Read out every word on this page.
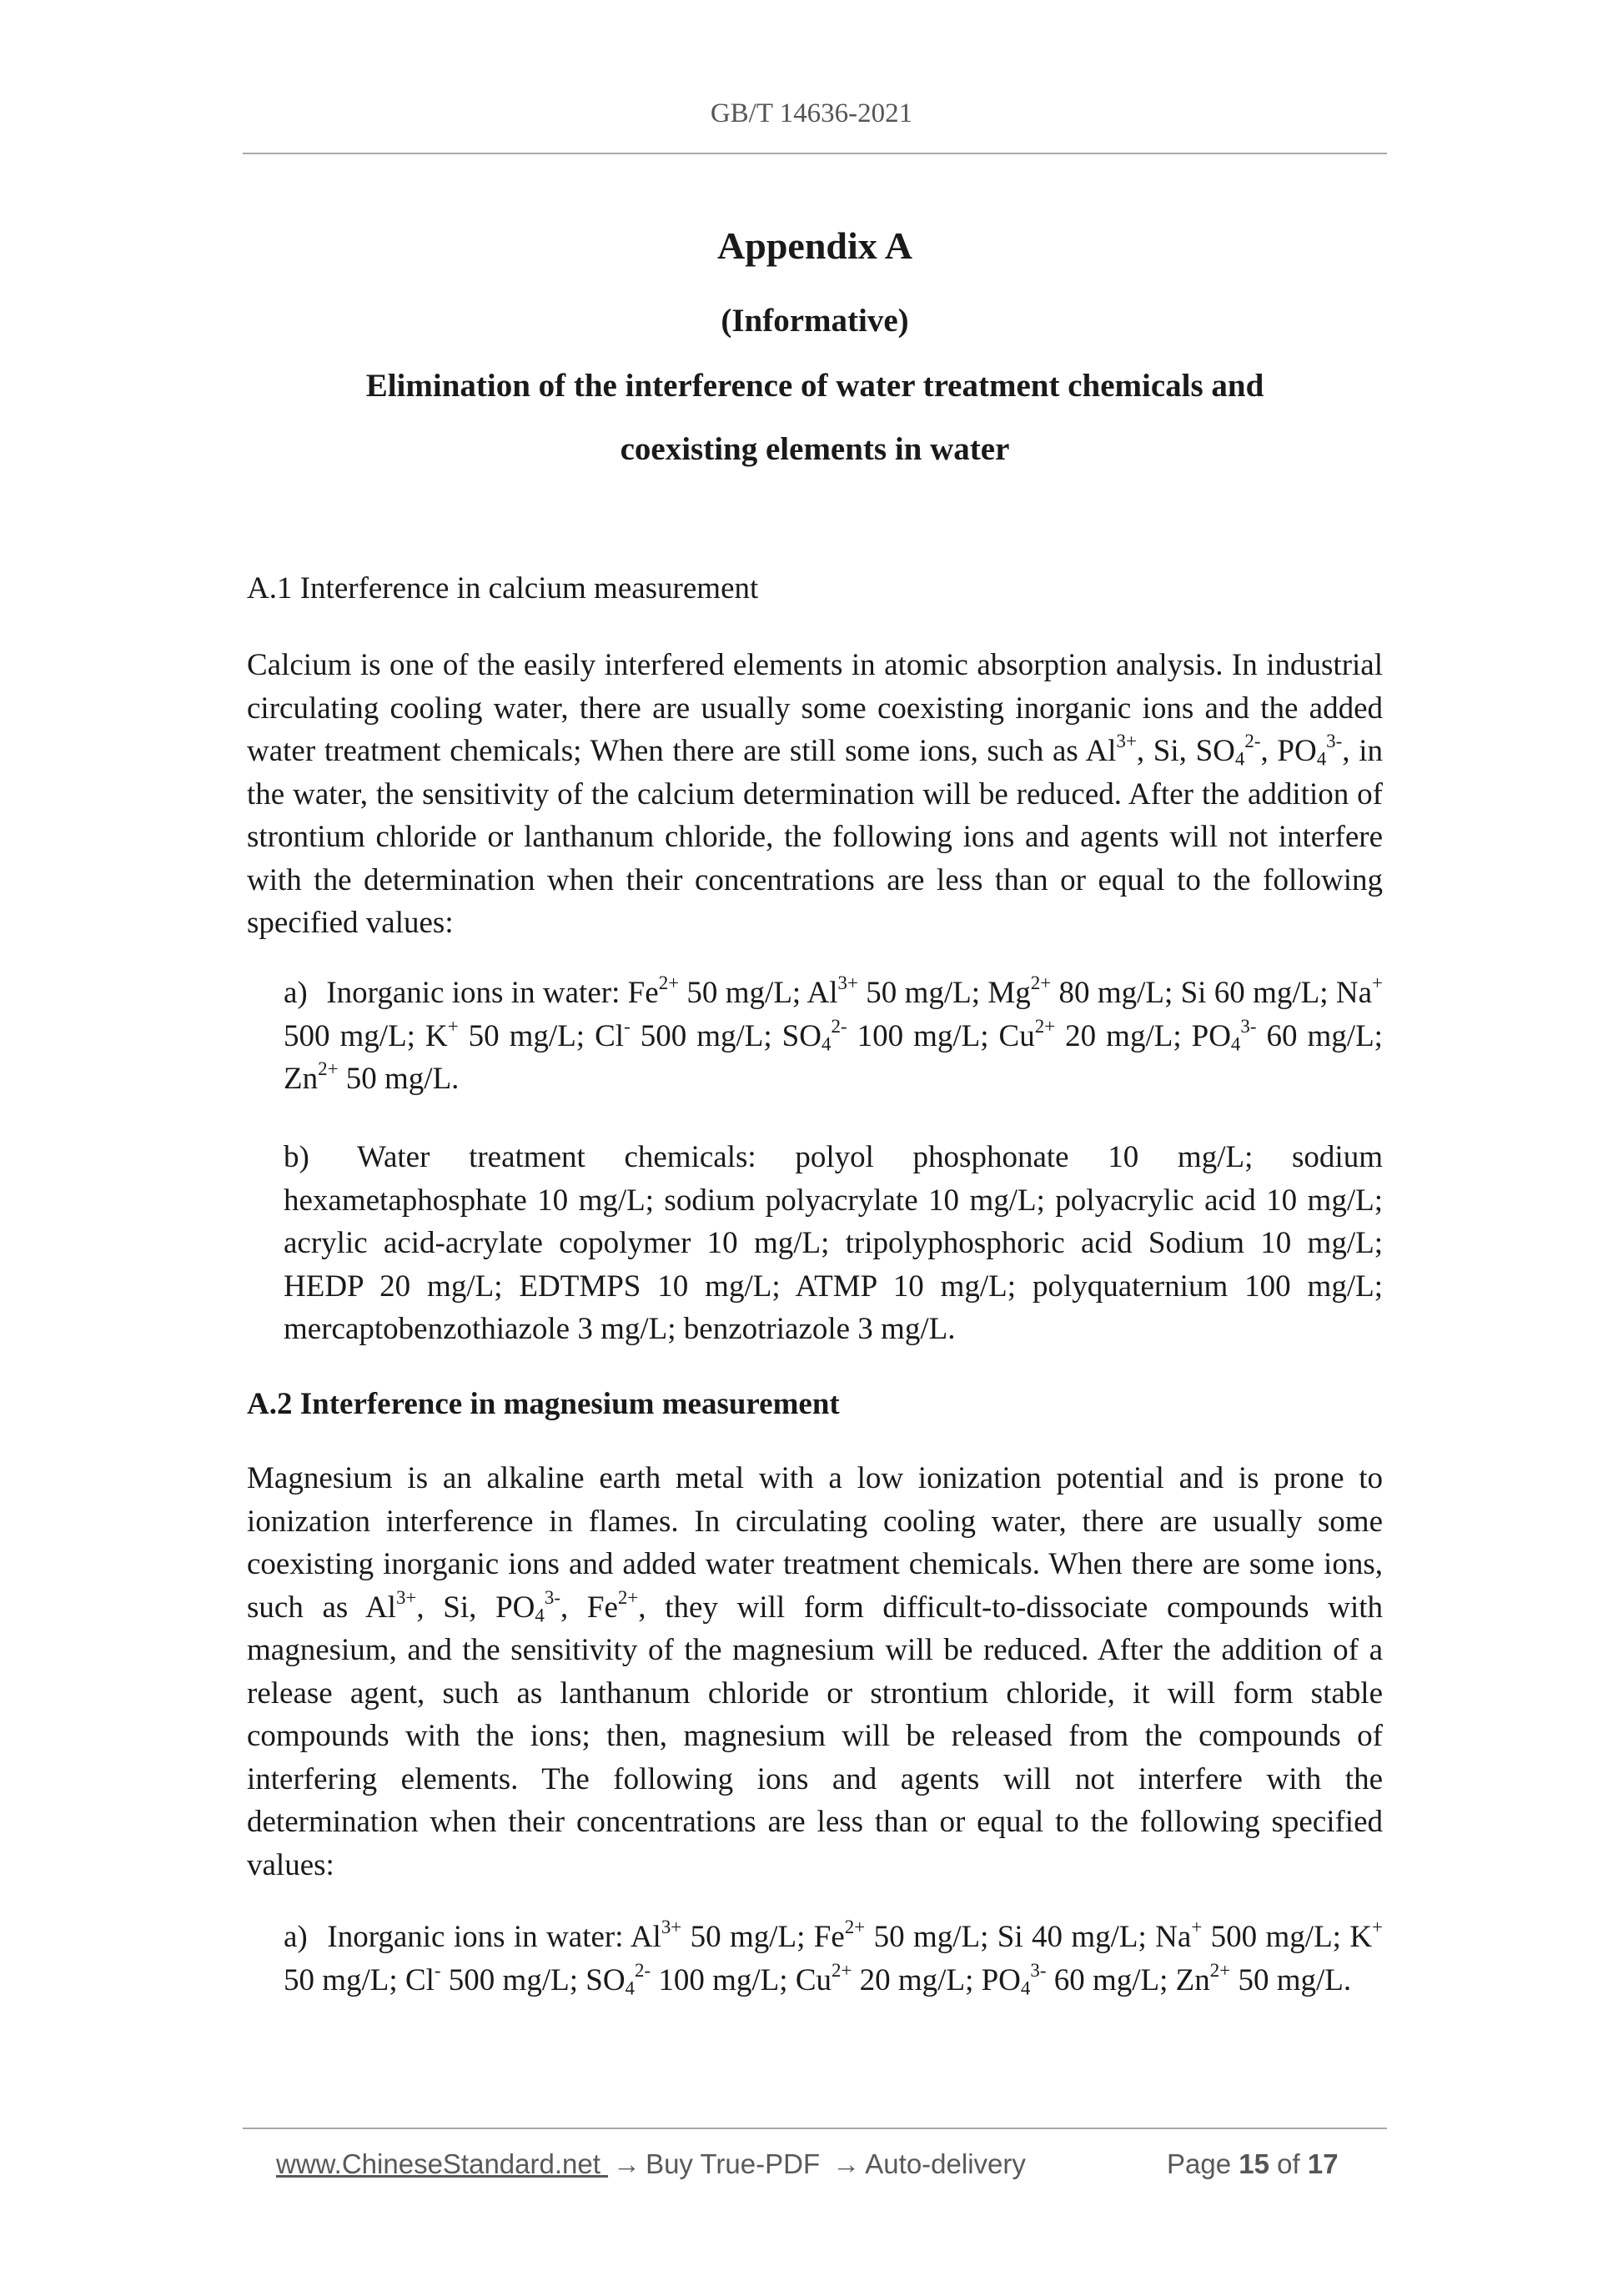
GB/T 14636-2021
Appendix A
(Informative)
Elimination of the interference of water treatment chemicals and
coexisting elements in water
A.1 Interference in calcium measurement
Calcium is one of the easily interfered elements in atomic absorption analysis. In industrial circulating cooling water, there are usually some coexisting inorganic ions and the added water treatment chemicals; When there are still some ions, such as $Al^{3+}$, Si, $SO_4^{2-}$, $PO_4^{3-}$, in the water, the sensitivity of the calcium determination will be reduced. After the addition of strontium chloride or lanthanum chloride, the following ions and agents will not interfere with the determination when their concentrations are less than or equal to the following specified values:
a) Inorganic ions in water: $Fe^{2+}$ 50 mg/L; $Al^{3+}$ 50 mg/L; $Mg^{2+}$ 80 mg/L; Si 60 mg/L; Na+ 500 mg/L; K+ 50 mg/L; Cl- 500 mg/L; $SO_4^{2-}$ 100 mg/L; $Cu^{2+}$ 20 mg/L; $PO_4^{3-}$ 60 mg/L; $Zn^{2+}$ 50 mg/L.
b) Water treatment chemicals: polyol phosphonate 10 mg/L; sodium hexametaphosphate 10 mg/L; sodium polyacrylate 10 mg/L; polyacrylic acid 10 mg/L; acrylic acid-acrylate copolymer 10 mg/L; tripolyphosphoric acid Sodium 10 mg/L; HEDP 20 mg/L; EDTMPS 10 mg/L; ATMP 10 mg/L; polyquaternium 100 mg/L; mercaptobenzothiazole 3 mg/L; benzotriazole 3 mg/L.
A.2 Interference in magnesium measurement
Magnesium is an alkaline earth metal with a low ionization potential and is prone to ionization interference in flames. In circulating cooling water, there are usually some coexisting inorganic ions and added water treatment chemicals. When there are some ions, such as $Al^{3+}$, Si, $PO_4^{3-}$, $Fe^{2+}$, they will form difficult-to-dissociate compounds with magnesium, and the sensitivity of the magnesium will be reduced. After the addition of a release agent, such as lanthanum chloride or strontium chloride, it will form stable compounds with the ions; then, magnesium will be released from the compounds of interfering elements. The following ions and agents will not interfere with the determination when their concentrations are less than or equal to the following specified values:
a) Inorganic ions in water: $Al^{3+}$ 50 mg/L; $Fe^{2+}$ 50 mg/L; Si 40 mg/L; Na+ 500 mg/L; K+ 50 mg/L; Cl- 500 mg/L; $SO_4^{2-}$ 100 mg/L; $Cu^{2+}$ 20 mg/L; $PO_4^{3-}$ 60 mg/L; $Zn^{2+}$ 50 mg/L.
www.ChineseStandard.net → Buy True-PDF → Auto-delivery	Page 15 of 17
